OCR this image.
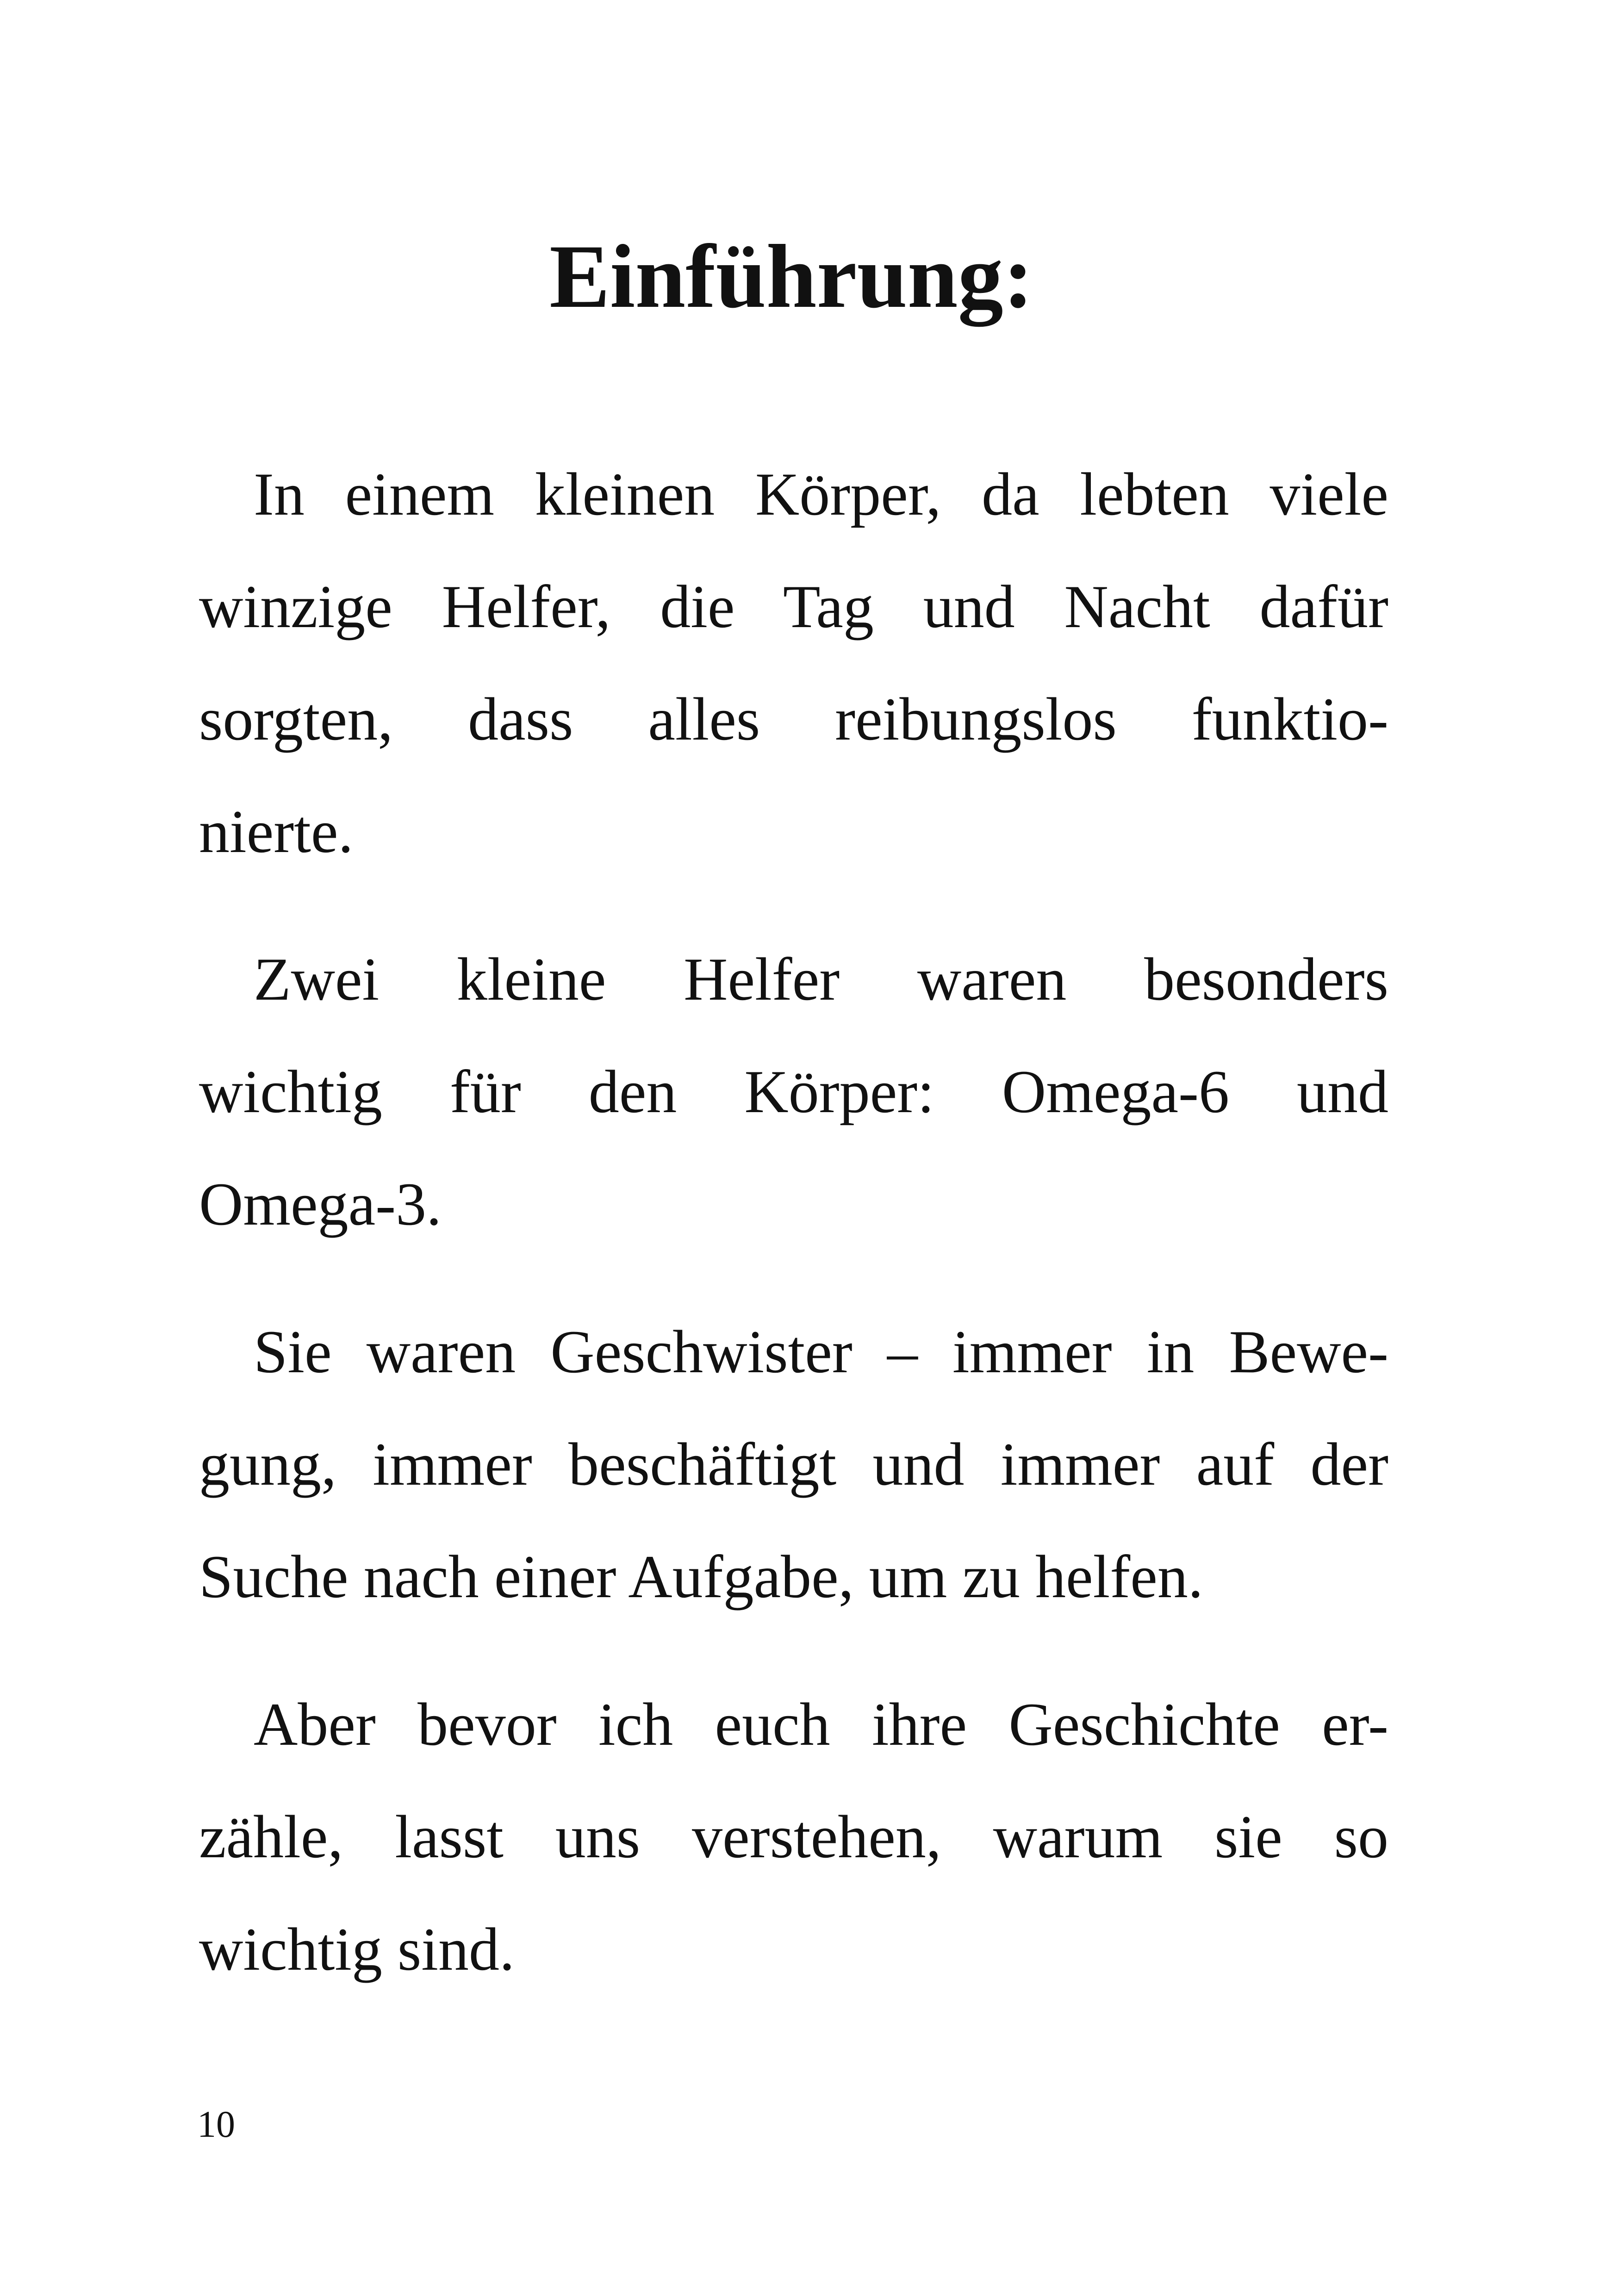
Einführung:

In einem kleinen Körper, da lebten viele
winzige Helfer, die Tag und Nacht dafür
sorgten, dass alles reibungslos funktio-
nierte.

Zwei kleine Helfer waren besonders
wichtig für den Körper: Omega-6 und
Omega-3.

Sie waren Geschwister – immer in Bewe-
gung, immer beschäftigt und immer auf der
Suche nach einer Aufgabe, um zu helfen.

Aber bevor ich euch ihre Geschichte er-
zähle, lasst uns verstehen, warum sie so
wichtig sind.

10
